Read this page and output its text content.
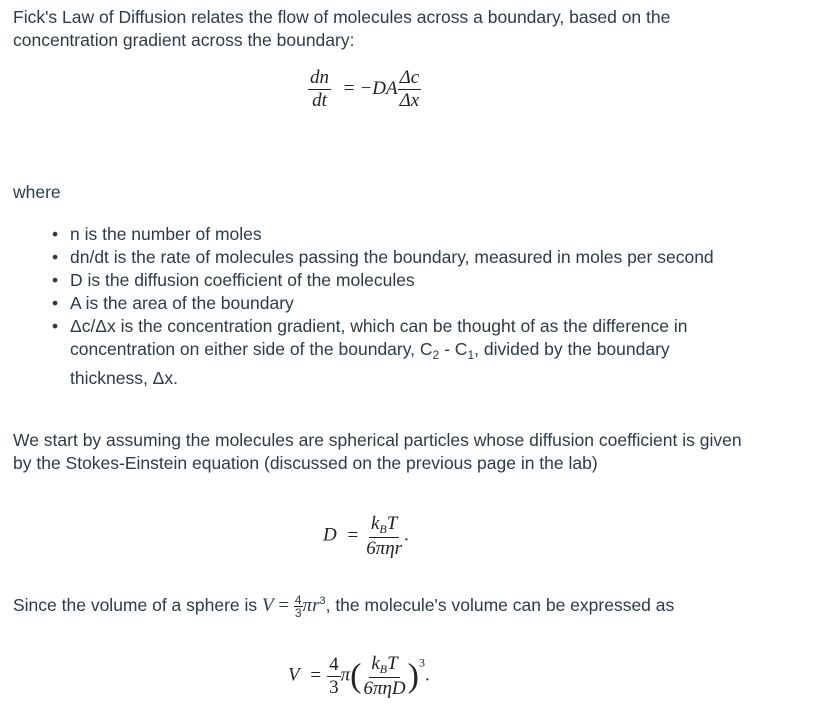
Fick's Law of Diffusion relates the flow of molecules across a boundary, based on the concentration gradient across the boundary:

$\frac{dn}{dt} = -DA \frac{\Delta c}{\Delta x}$

where

• n is the number of moles
• dn/dt is the rate of molecules passing the boundary, measured in moles per second
• D is the diffusion coefficient of the molecules
• A is the area of the boundary
• Δc/Δx is the concentration gradient, which can be thought of as the difference in concentration on either side of the boundary, $C_2 - C_1$, divided by the boundary thickness, Δx.

We start by assuming the molecules are spherical particles whose diffusion coefficient is given by the Stokes-Einstein equation (discussed on the previous page in the lab)

$D = \frac{k_BT}{\text{6πηr}}$ .

Since the volume of a sphere is $V = \frac{4}{3} \pi r^3$, the molecule's volume can be expressed as

$V = \frac{4}{3} \pi( \frac{k_BT}{\text{6πηD}} )^3$.
